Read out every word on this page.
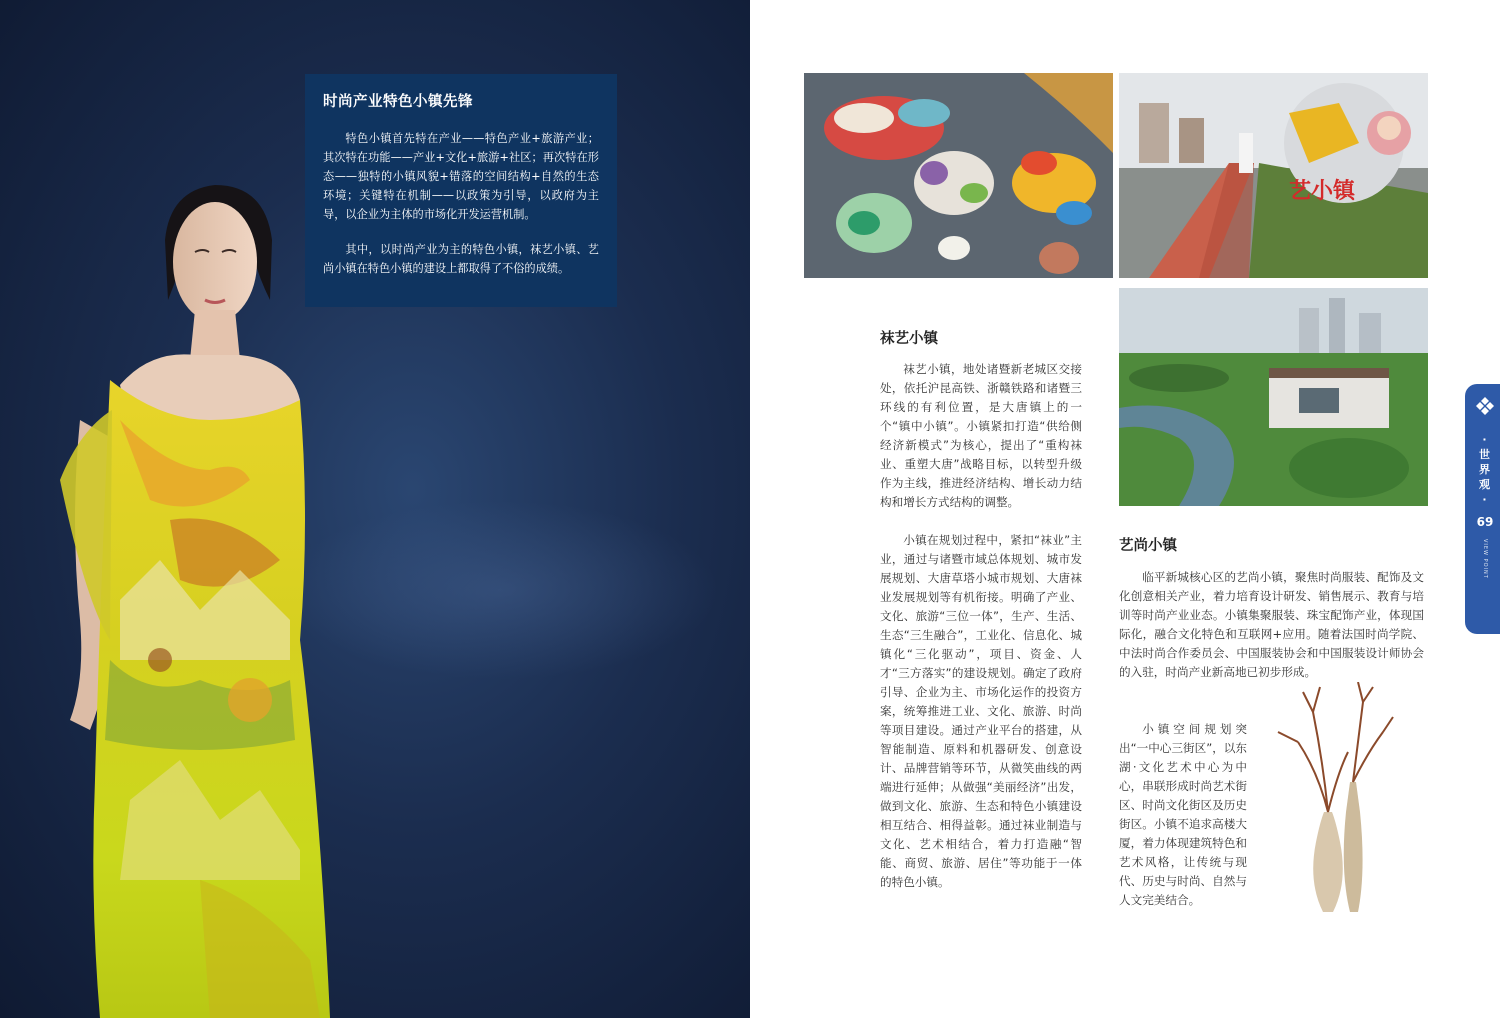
时尚产业特色小镇先锋

特色小镇首先特在产业——特色产业+旅游产业；其次特在功能——产业+文化+旅游+社区；再次特在形态——独特的小镇风貌+错落的空间结构+自然的生态环境；关键特在机制——以政策为引导，以政府为主导，以企业为主体的市场化开发运营机制。

其中，以时尚产业为主的特色小镇，袜艺小镇、艺尚小镇在特色小镇的建设上都取得了不俗的成绩。

艺小镇
袜艺小镇

袜艺小镇，地处诸暨新老城区交接处，依托沪昆高铁、浙赣铁路和诸暨三环线的有利位置，是大唐镇上的一个“镇中小镇”。小镇紧扣打造“供给侧经济新模式”为核心，提出了“重构袜业、重塑大唐”战略目标，以转型升级作为主线，推进经济结构、增长动力结构和增长方式结构的调整。

小镇在规划过程中，紧扣“袜业”主业，通过与诸暨市域总体规划、城市发展规划、大唐草塔小城市规划、大唐袜业发展规划等有机衔接。明确了产业、文化、旅游“三位一体”，生产、生活、生态“三生融合”，工业化、信息化、城镇化“三化驱动”，项目、资金、人才“三方落实”的建设规划。确定了政府引导、企业为主、市场化运作的投资方案，统筹推进工业、文化、旅游、时尚等项目建设。通过产业平台的搭建，从智能制造、原料和机器研发、创意设计、品牌营销等环节，从微笑曲线的两端进行延伸；从做强“美丽经济”出发，做到文化、旅游、生态和特色小镇建设相互结合、相得益彰。通过袜业制造与文化、艺术相结合，着力打造融“智能、商贸、旅游、居住”等功能于一体的特色小镇。

艺尚小镇

临平新城核心区的艺尚小镇，聚焦时尚服装、配饰及文化创意相关产业，着力培育设计研发、销售展示、教育与培训等时尚产业业态。小镇集聚服装、珠宝配饰产业，体现国际化，融合文化特色和互联网+应用。随着法国时尚学院、中法时尚合作委员会、中国服装协会和中国服装设计师协会的入驻，时尚产业新高地已初步形成。

小镇空间规划突出“一中心三街区”，以东湖·文化艺术中心为中心，串联形成时尚艺术街区、时尚文化街区及历史街区。小镇不追求高楼大厦，着力体现建筑特色和艺术风格，让传统与现代、历史与时尚、自然与人文完美结合。

·世界观·
69
VIEW POINT
